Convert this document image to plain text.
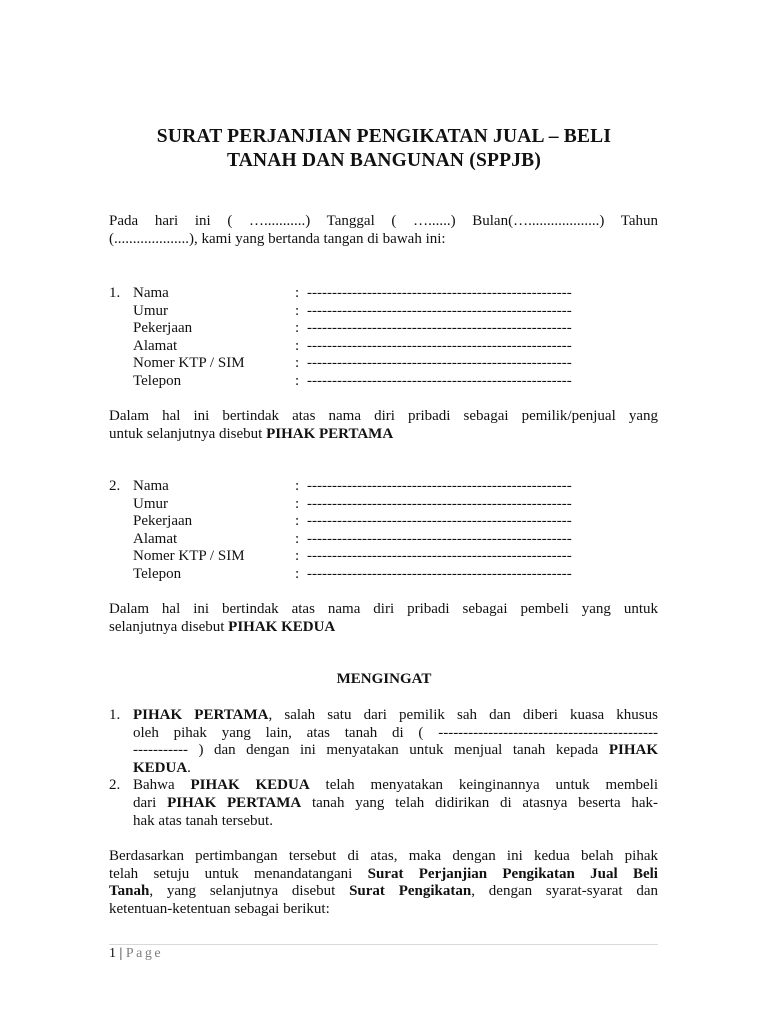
SURAT PERJANJIAN PENGIKATAN JUAL – BELI
TANAH DAN BANGUNAN (SPPJB)
Pada hari ini ( …...........) Tanggal ( …......) Bulan(…...................) Tahun
(....................), kami yang bertanda tangan di bawah ini:
1. Nama	: -----------------------------------------------------
Umur	: -----------------------------------------------------
Pekerjaan	: -----------------------------------------------------
Alamat	: -----------------------------------------------------
Nomer KTP / SIM	: -----------------------------------------------------
Telepon	: -----------------------------------------------------
Dalam hal ini bertindak atas nama diri pribadi sebagai pemilik/penjual yang
untuk selanjutnya disebut PIHAK PERTAMA
2. Nama	: -----------------------------------------------------
Umur	: -----------------------------------------------------
Pekerjaan	: -----------------------------------------------------
Alamat	: -----------------------------------------------------
Nomer KTP / SIM	: -----------------------------------------------------
Telepon	: -----------------------------------------------------
Dalam hal ini bertindak atas nama diri pribadi sebagai pembeli yang untuk
selanjutnya disebut PIHAK KEDUA
MENGINGAT
1. PIHAK PERTAMA, salah satu dari pemilik sah dan diberi kuasa khusus
oleh pihak yang lain, atas tanah di ( --------------------------------------------
----------- ) dan dengan ini menyatakan untuk menjual tanah kepada PIHAK
KEDUA.
2. Bahwa PIHAK KEDUA telah menyatakan keinginannya untuk membeli
dari PIHAK PERTAMA tanah yang telah didirikan di atasnya beserta hak-
hak atas tanah tersebut.
Berdasarkan pertimbangan tersebut di atas, maka dengan ini kedua belah pihak
telah setuju untuk menandatangani Surat Perjanjian Pengikatan Jual Beli
Tanah, yang selanjutnya disebut Surat Pengikatan, dengan syarat-syarat dan
ketentuan-ketentuan sebagai berikut:
1 | Page
